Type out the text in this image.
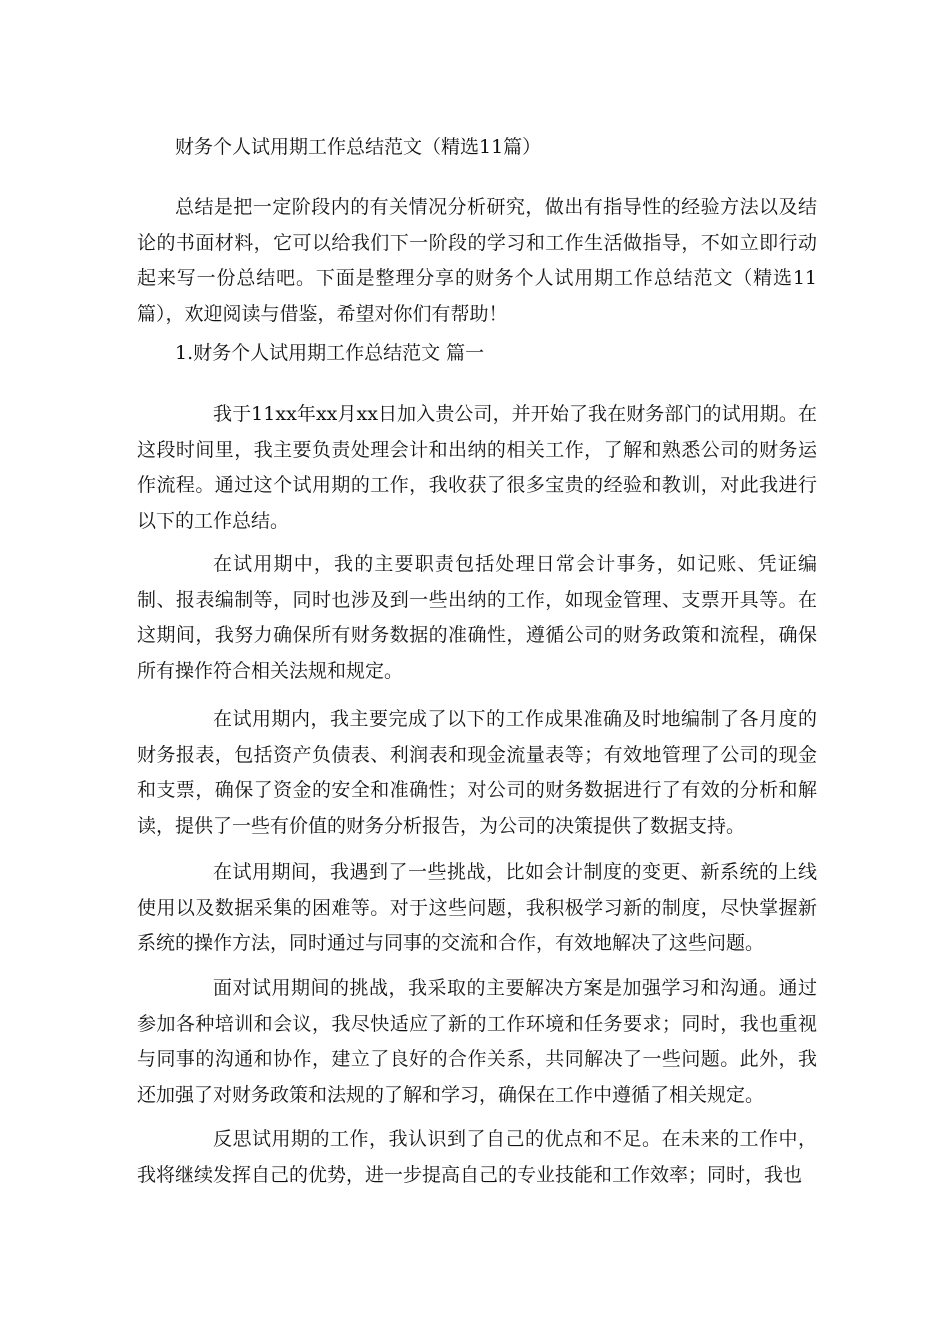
财务个人试用期工作总结范文（精选11篇）

总结是把一定阶段内的有关情况分析研究，做出有指导性的经验方法以及结论的书面材料，它可以给我们下一阶段的学习和工作生活做指导，不如立即行动起来写一份总结吧。下面是整理分享的财务个人试用期工作总结范文（精选11篇），欢迎阅读与借鉴，希望对你们有帮助！

1.财务个人试用期工作总结范文 篇一

我于11xx年xx月xx日加入贵公司，并开始了我在财务部门的试用期。在这段时间里，我主要负责处理会计和出纳的相关工作，了解和熟悉公司的财务运作流程。通过这个试用期的工作，我收获了很多宝贵的经验和教训，对此我进行以下的工作总结。

在试用期中，我的主要职责包括处理日常会计事务，如记账、凭证编制、报表编制等，同时也涉及到一些出纳的工作，如现金管理、支票开具等。在这期间，我努力确保所有财务数据的准确性，遵循公司的财务政策和流程，确保所有操作符合相关法规和规定。

在试用期内，我主要完成了以下的工作成果准确及时地编制了各月度的财务报表，包括资产负债表、利润表和现金流量表等；有效地管理了公司的现金和支票，确保了资金的安全和准确性；对公司的财务数据进行了有效的分析和解读，提供了一些有价值的财务分析报告，为公司的决策提供了数据支持。

在试用期间，我遇到了一些挑战，比如会计制度的变更、新系统的上线使用以及数据采集的困难等。对于这些问题，我积极学习新的制度，尽快掌握新系统的操作方法，同时通过与同事的交流和合作，有效地解决了这些问题。

面对试用期间的挑战，我采取的主要解决方案是加强学习和沟通。通过参加各种培训和会议，我尽快适应了新的工作环境和任务要求；同时，我也重视与同事的沟通和协作，建立了良好的合作关系，共同解决了一些问题。此外，我还加强了对财务政策和法规的了解和学习，确保在工作中遵循了相关规定。

反思试用期的工作，我认识到了自己的优点和不足。在未来的工作中，我将继续发挥自己的优势，进一步提高自己的专业技能和工作效率；同时，我也
